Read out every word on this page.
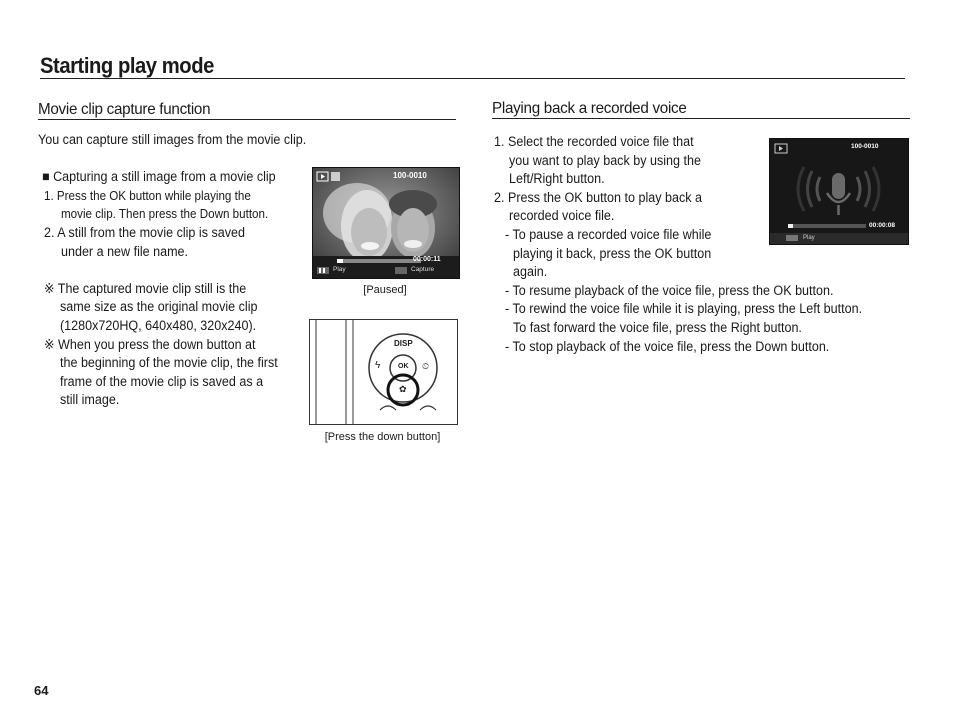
Starting play mode
Movie clip capture function
You can capture still images from the movie clip.
■ Capturing a still image from a movie clip
1. Press the OK button while playing the
movie clip. Then press the Down button.
2. A still from the movie clip is saved
under a new file name.
※ The captured movie clip still is the
same size as the original movie clip
(1280x720HQ, 640x480, 320x240).
※ When you press the down button at
the beginning of the movie clip, the first
frame of the movie clip is saved as a
still image.
100-0010
00:00:11
Play	Capture
[Paused]
DISP
OK
ϟ	⏲
✿
[Press the down button]
Playing back a recorded voice
1. Select the recorded voice file that
you want to play back by using the
Left/Right button.
2. Press the OK button to play back a
recorded voice file.
- To pause a recorded voice file while
playing it back, press the OK button
again.
- To resume playback of the voice file, press the OK button.
- To rewind the voice file while it is playing, press the Left button.
To fast forward the voice file, press the Right button.
- To stop playback of the voice file, press the Down button.
100-0010
00:00:08
Play
64
